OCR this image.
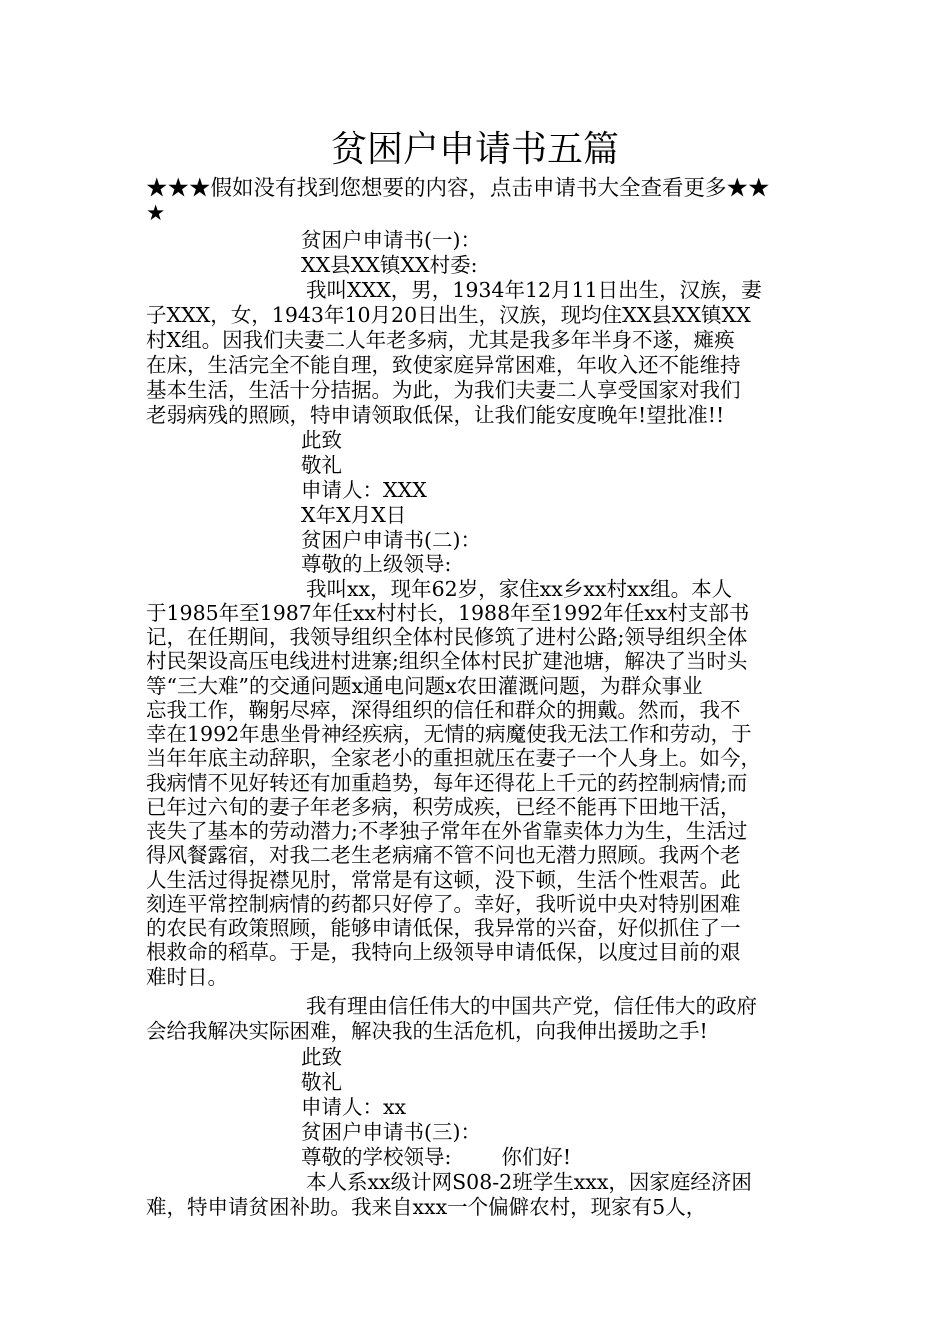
贫困户申请书五篇
★★★假如没有找到您想要的内容，点击申请书大全查看更多★★
★
贫困户申请书(一)：
XX县XX镇XX村委:
我叫XXX，男，1934年12月11日出生，汉族，妻
子XXX，女，1943年10月20日出生，汉族，现均住XX县XX镇XX
村X组。因我们夫妻二人年老多病，尤其是我多年半身不遂，瘫痪
在床，生活完全不能自理，致使家庭异常困难，年收入还不能维持
基本生活，生活十分拮据。为此，为我们夫妻二人享受国家对我们
老弱病残的照顾，特申请领取低保，让我们能安度晚年!望批准!!
此致
敬礼
申请人：XXX
X年X月X日
贫困户申请书(二)：
尊敬的上级领导:
我叫xx，现年62岁，家住xx乡xx村xx组。本人
于1985年至1987年任xx村村长，1988年至1992年任xx村支部书
记，在任期间，我领导组织全体村民修筑了进村公路;领导组织全体
村民架设高压电线进村进寨;组织全体村民扩建池塘，解决了当时头
等“三大难”的交通问题x通电问题x农田灌溉问题，为群众事业
忘我工作，鞠躬尽瘁，深得组织的信任和群众的拥戴。然而，我不
幸在1992年患坐骨神经疾病，无情的病魔使我无法工作和劳动，于
当年年底主动辞职，全家老小的重担就压在妻子一个人身上。如今，
我病情不见好转还有加重趋势，每年还得花上千元的药控制病情;而
已年过六旬的妻子年老多病，积劳成疾，已经不能再下田地干活，
丧失了基本的劳动潜力;不孝独子常年在外省靠卖体力为生，生活过
得风餐露宿，对我二老生老病痛不管不问也无潜力照顾。我两个老
人生活过得捉襟见肘，常常是有这顿，没下顿，生活个性艰苦。此
刻连平常控制病情的药都只好停了。幸好，我听说中央对特别困难
的农民有政策照顾，能够申请低保，我异常的兴奋，好似抓住了一
根救命的稻草。于是，我特向上级领导申请低保，以度过目前的艰
难时日。
我有理由信任伟大的中国共产党，信任伟大的政府
会给我解决实际困难，解决我的生活危机，向我伸出援助之手!
此致
敬礼
申请人：xx
贫困户申请书(三)：
尊敬的学校领导: 你们好!
本人系xx级计网S08-2班学生xxx，因家庭经济困
难，特申请贫困补助。我来自xxx一个偏僻农村，现家有5人，
